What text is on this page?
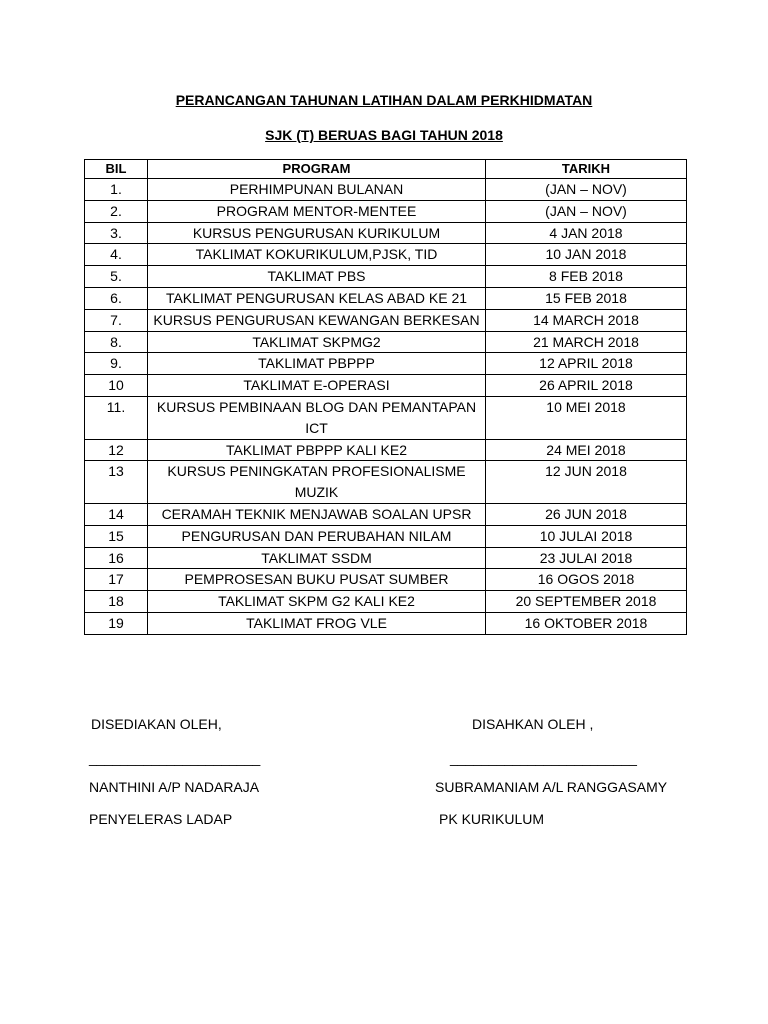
PERANCANGAN TAHUNAN LATIHAN DALAM PERKHIDMATAN
SJK (T) BERUAS BAGI TAHUN 2018
BIL	PROGRAM	TARIKH
1.	PERHIMPUNAN BULANAN	(JAN – NOV)
2.	PROGRAM MENTOR-MENTEE	(JAN – NOV)
3.	KURSUS PENGURUSAN KURIKULUM	4 JAN 2018
4.	TAKLIMAT KOKURIKULUM,PJSK, TID	10 JAN 2018
5.	TAKLIMAT PBS	8 FEB 2018
6.	TAKLIMAT PENGURUSAN KELAS ABAD KE 21	15 FEB 2018
7.	KURSUS PENGURUSAN KEWANGAN BERKESAN	14 MARCH 2018
8.	TAKLIMAT SKPMG2	21 MARCH 2018
9.	TAKLIMAT PBPPP	12 APRIL 2018
10	TAKLIMAT E-OPERASI	26 APRIL 2018
11.	KURSUS PEMBINAAN BLOG DAN PEMANTAPAN ICT	10 MEI 2018
12	TAKLIMAT PBPPP KALI KE2	24 MEI 2018
13	KURSUS PENINGKATAN PROFESIONALISME MUZIK	12 JUN 2018
14	CERAMAH TEKNIK MENJAWAB SOALAN UPSR	26 JUN 2018
15	PENGURUSAN DAN PERUBAHAN NILAM	10 JULAI 2018
16	TAKLIMAT SSDM	23 JULAI 2018
17	PEMPROSESAN BUKU PUSAT SUMBER	16 OGOS 2018
18	TAKLIMAT SKPM G2 KALI KE2	20 SEPTEMBER 2018
19	TAKLIMAT FROG VLE	16 OKTOBER 2018
DISEDIAKAN OLEH,	DISAHKAN OLEH ,
______________________	________________________
NANTHINI A/P NADARAJA	SUBRAMANIAM A/L RANGGASAMY
PENYELERAS LADAP	PK KURIKULUM
